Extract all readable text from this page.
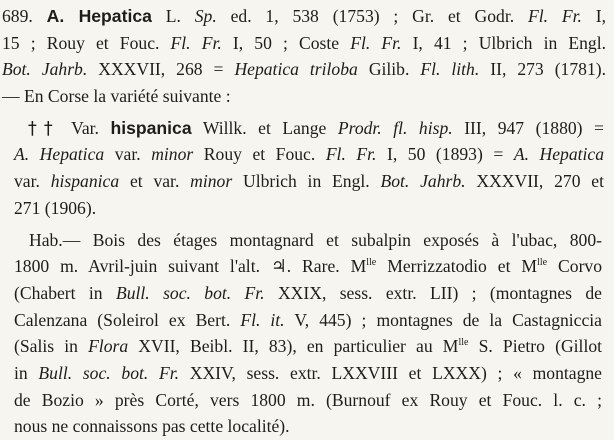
689. A. Hepatica L. Sp. ed. 1, 538 (1753) ; Gr. et Godr. Fl. Fr. I,
15 ; Rouy et Fouc. Fl. Fr. I, 50 ; Coste Fl. Fr. I, 41 ; Ulbrich in Engl.
Bot. Jahrb. XXXVII, 268 = Hepatica triloba Gilib. Fl. lith. II, 273 (1781).
— En Corse la variété suivante :
†† Var. hispanica Willk. et Lange Prodr. fl. hisp. III, 947 (1880) =
A. Hepatica var. minor Rouy et Fouc. Fl. Fr. I, 50 (1893) = A. Hepatica
var. hispanica et var. minor Ulbrich in Engl. Bot. Jahrb. XXXVII, 270 et
271 (1906).
Hab.— Bois des étages montagnard et subalpin exposés à l'ubac, 800-
1800 m. Avril-juin suivant l'alt. ♃. Rare. $M^{lle}$ Merrizzatodio et $M^{lle}$ Corvo
(Chabert in Bull. soc. bot. Fr. XXIX, sess. extr. LII) ; (montagnes de
Calenzana (Soleirol ex Bert. Fl. it. V, 445) ; montagnes de la Castagniccia
(Salis in Flora XVII, Beibl. II, 83), en particulier au $M^{lle}$ S. Pietro (Gillot
in Bull. soc. bot. Fr. XXIV, sess. extr. LXXVIII et LXXX) ; « montagne
de Bozio » près Corté, vers 1800 m. (Burnouf ex Rouy et Fouc. l. c. ;
nous ne connaissons pas cette localité).
